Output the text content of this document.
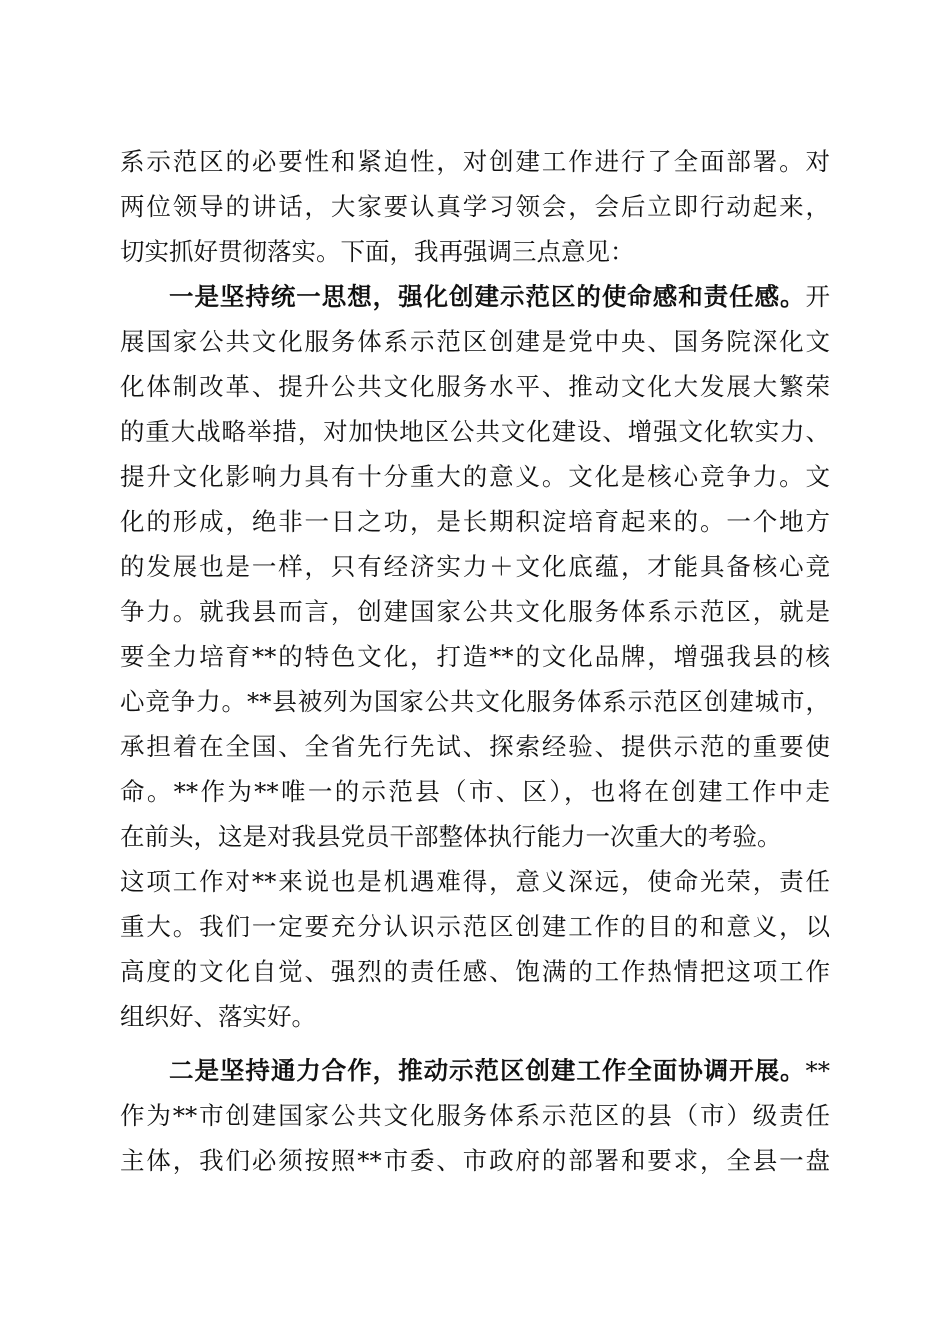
系示范区的必要性和紧迫性，对创建工作进行了全面部署。对
两位领导的讲话，大家要认真学习领会，会后立即行动起来，
切实抓好贯彻落实。下面，我再强调三点意见：
一是坚持统一思想，强化创建示范区的使命感和责任感。开
展国家公共文化服务体系示范区创建是党中央、国务院深化文
化体制改革、提升公共文化服务水平、推动文化大发展大繁荣
的重大战略举措，对加快地区公共文化建设、增强文化软实力、
提升文化影响力具有十分重大的意义。文化是核心竞争力。文
化的形成，绝非一日之功，是长期积淀培育起来的。一个地方
的发展也是一样，只有经济实力＋文化底蕴，才能具备核心竞
争力。就我县而言，创建国家公共文化服务体系示范区，就是
要全力培育**的特色文化，打造**的文化品牌，增强我县的核
心竞争力。**县被列为国家公共文化服务体系示范区创建城市，
承担着在全国、全省先行先试、探索经验、提供示范的重要使
命。**作为**唯一的示范县（市、区），也将在创建工作中走
在前头，这是对我县党员干部整体执行能力一次重大的考验。
这项工作对**来说也是机遇难得，意义深远，使命光荣，责任
重大。我们一定要充分认识示范区创建工作的目的和意义，以
高度的文化自觉、强烈的责任感、饱满的工作热情把这项工作
组织好、落实好。
二是坚持通力合作，推动示范区创建工作全面协调开展。**
作为**市创建国家公共文化服务体系示范区的县（市）级责任
主体，我们必须按照**市委、市政府的部署和要求，全县一盘
